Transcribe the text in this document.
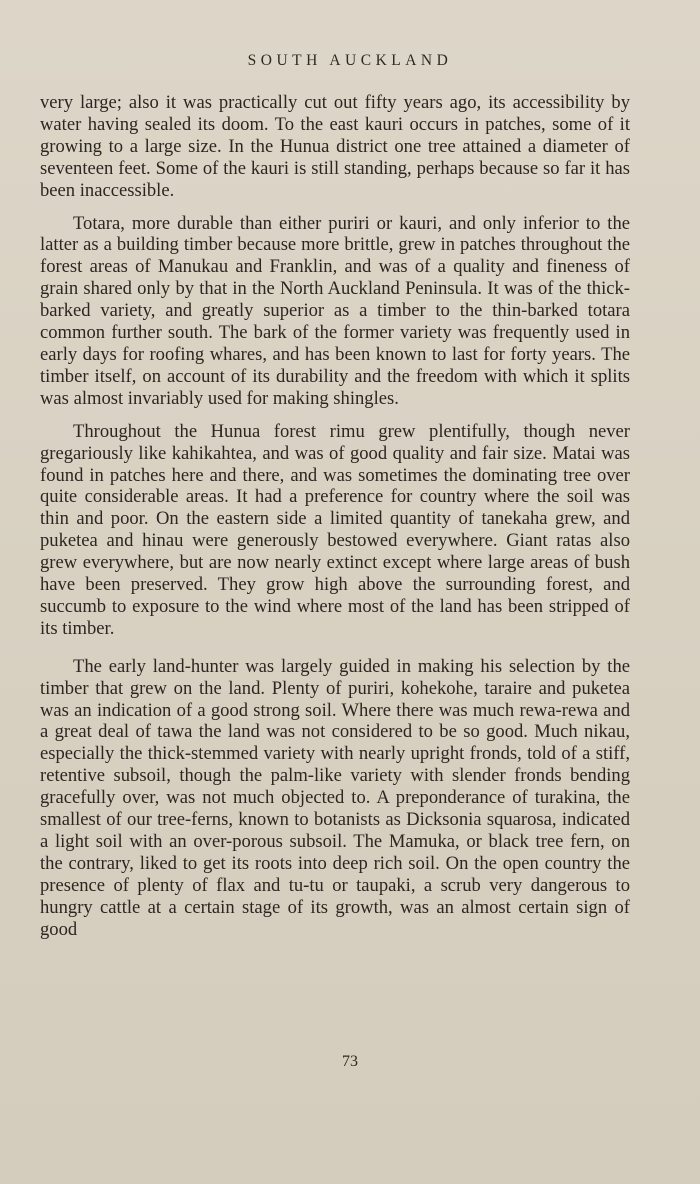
SOUTH AUCKLAND

very large; also it was practically cut out fifty years ago, its accessibility by water having sealed its doom. To the east kauri occurs in patches, some of it growing to a large size. In the Hunua district one tree attained a diameter of seventeen feet. Some of the kauri is still standing, perhaps because so far it has been inaccessible.

Totara, more durable than either puriri or kauri, and only inferior to the latter as a building timber because more brittle, grew in patches throughout the forest areas of Manukau and Franklin, and was of a quality and fineness of grain shared only by that in the North Auckland Peninsula. It was of the thick-barked variety, and greatly superior as a timber to the thin-barked totara common further south. The bark of the former variety was frequently used in early days for roofing whares, and has been known to last for forty years. The timber itself, on account of its durability and the freedom with which it splits was almost invariably used for making shingles.

Throughout the Hunua forest rimu grew plentifully, though never gregariously like kahikahtea, and was of good quality and fair size. Matai was found in patches here and there, and was sometimes the dominating tree over quite considerable areas. It had a preference for country where the soil was thin and poor. On the eastern side a limited quantity of tanekaha grew, and puketea and hinau were generously bestowed everywhere. Giant ratas also grew everywhere, but are now nearly extinct except where large areas of bush have been preserved. They grow high above the surrounding forest, and succumb to exposure to the wind where most of the land has been stripped of its timber.

The early land-hunter was largely guided in making his selection by the timber that grew on the land. Plenty of puriri, kohekohe, taraire and puketea was an indication of a good strong soil. Where there was much rewa-rewa and a great deal of tawa the land was not considered to be so good. Much nikau, especially the thick-stemmed variety with nearly upright fronds, told of a stiff, retentive subsoil, though the palm-like variety with slender fronds bending gracefully over, was not much objected to. A preponderance of turakina, the smallest of our tree-ferns, known to botanists as Dicksonia squarosa, indicated a light soil with an over-porous subsoil. The Mamuka, or black tree fern, on the contrary, liked to get its roots into deep rich soil. On the open country the presence of plenty of flax and tu-tu or taupaki, a scrub very dangerous to hungry cattle at a certain stage of its growth, was an almost certain sign of good

73
